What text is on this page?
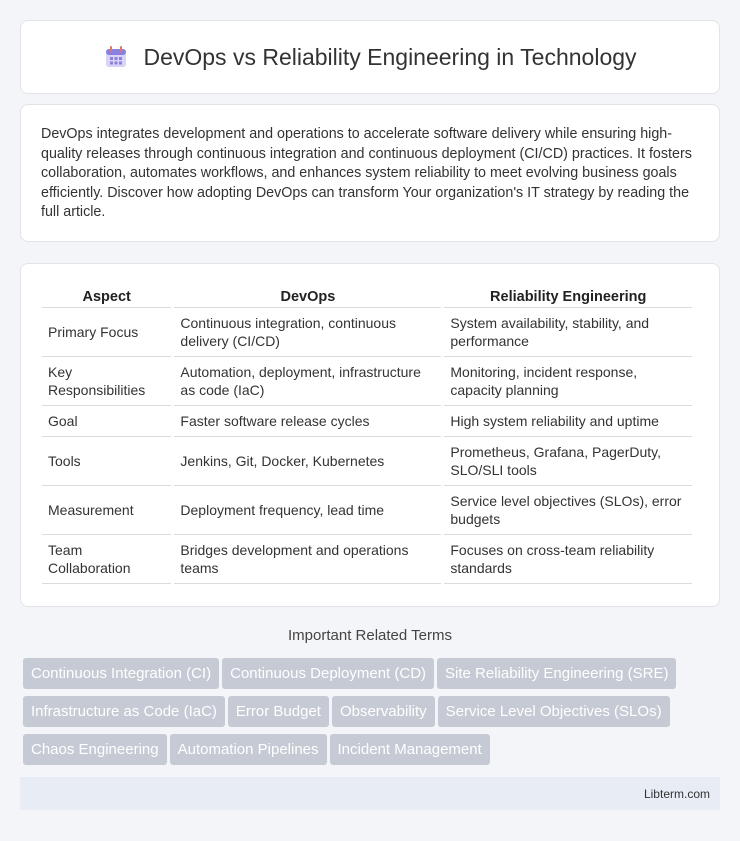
DevOps vs Reliability Engineering in Technology

DevOps integrates development and operations to accelerate software delivery while ensuring high-quality releases through continuous integration and continuous deployment (CI/CD) practices. It fosters collaboration, automates workflows, and enhances system reliability to meet evolving business goals efficiently. Discover how adopting DevOps can transform Your organization's IT strategy by reading the full article.

Aspect	DevOps	Reliability Engineering
Primary Focus	Continuous integration, continuous delivery (CI/CD)	System availability, stability, and performance
Key Responsibilities	Automation, deployment, infrastructure as code (IaC)	Monitoring, incident response, capacity planning
Goal	Faster software release cycles	High system reliability and uptime
Tools	Jenkins, Git, Docker, Kubernetes	Prometheus, Grafana, PagerDuty, SLO/SLI tools
Measurement	Deployment frequency, lead time	Service level objectives (SLOs), error budgets
Team Collaboration	Bridges development and operations teams	Focuses on cross-team reliability standards
Important Related Terms
Continuous Integration (CI) Continuous Deployment (CD) Site Reliability Engineering (SRE)
Infrastructure as Code (IaC) Error Budget Observability Service Level Objectives (SLOs)
Chaos Engineering Automation Pipelines Incident Management
Libterm.com
